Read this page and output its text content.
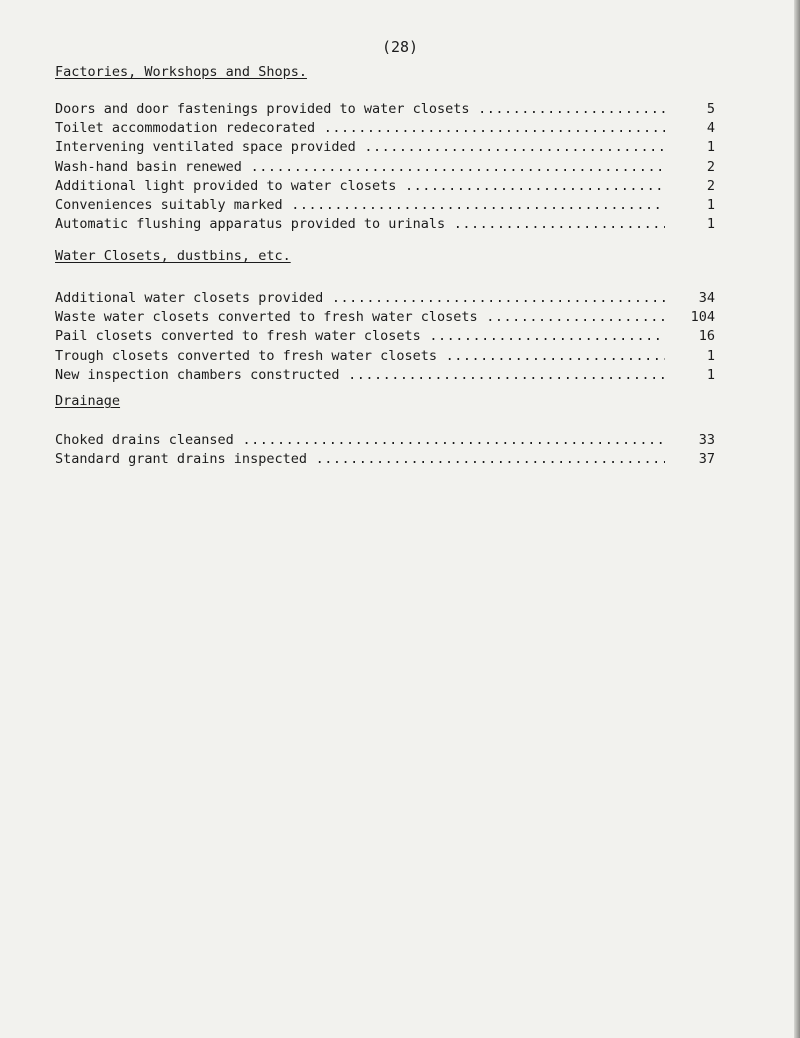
(28)
Factories, Workshops and Shops.
Doors and door fastenings provided to water closets .....	5
Toilet accommodation redecorated .....	4
Intervening ventilated space provided .....	1
Wash-hand basin renewed .....	2
Additional light provided to water closets .....	2
Conveniences suitably marked .....	1
Automatic flushing apparatus provided to urinals .....	1
Water Closets, dustbins, etc.
Additional water closets provided .....	34
Waste water closets converted to fresh water closets .....	104
Pail closets converted to fresh water closets .....	16
Trough closets converted to fresh water closets .....	1
New inspection chambers constructed .....	1
Drainage
Choked drains cleansed .....	33
Standard grant drains inspected .....	37
